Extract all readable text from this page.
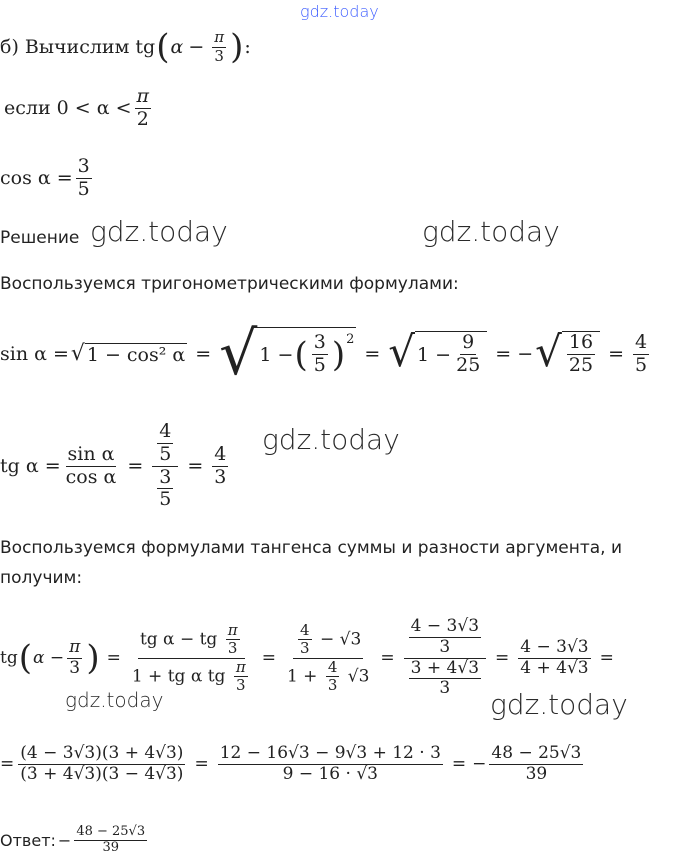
gdz.today
gdz.today	gdz.today
gdz.today
gdz.today	gdz.today
б) Вычислим tg ( $\alpha - \frac{\pi}{3}$ ) :
если $0 < \alpha < \frac{\pi}{2}$
$\cos \alpha = \frac{3}{5}$
Решение
Воспользуемся тригонометрическими формулами:
sin α = √ 1 − cos² α = √ 1 − ( $\frac{3}{5} )^2$
= √ $1 - \frac{9}{25}$ = − √ $\frac{16}{25} = \frac{4}{5}$
tg $\alpha = \frac{\text{sin α}}{\text{cos α}} = \frac{\frac{4}{5}}{\frac{3}{5}} = \frac{4}{3}$
Воспользуемся формулами тангенса суммы и разности аргумента, и
получим:
tg ( $\alpha - \frac{\pi}{3}$ ) = $\frac{tg \alpha - tg \frac{\pi}{3}}{1 + tg \alpha tg \frac{\pi}{3}} = \frac{\frac{4}{3} - √3}{1 + \frac{4}{3} √3} = \frac{\frac{4 - 3√3}{3}}{\frac{3 + 4√3}{3}} = \frac{4 - 3√3}{4 + 4√3}$ =
= $\frac{(4 - 3√3)(3 + 4√3)}{(3 + 4√3)(3 - 4√3)} = \frac{12 - 16√3 - 9√3 + 12 \cdot 3}{9 - 16 \cdot √3}$ = − $\frac{48 - 25√3}{39}$
Ответ: − $\frac{48 - 25√3}{39}$
